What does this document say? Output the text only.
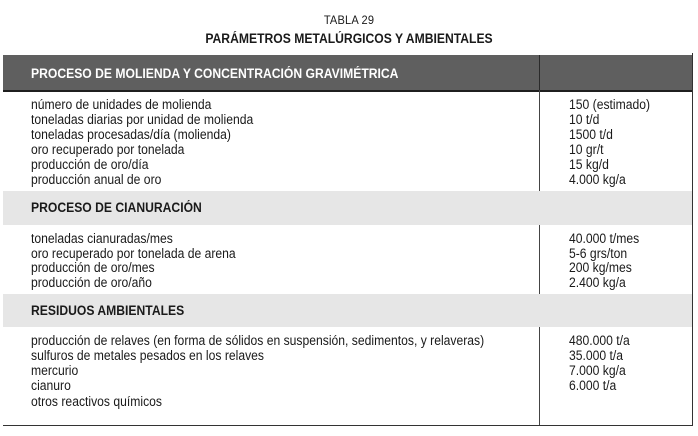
TABLA 29
PARÁMETROS METALÚRGICOS Y AMBIENTALES
PROCESO DE MOLIENDA Y CONCENTRACIÓN GRAVIMÉTRICA
número de unidades de molienda	150 (estimado)
toneladas diarias por unidad de molienda	10 t/d
toneladas procesadas/día (molienda)	1500 t/d
oro recuperado por tonelada	10 gr/t
producción de oro/día	15 kg/d
producción anual de oro	4.000 kg/a
PROCESO DE CIANURACIÓN
toneladas cianuradas/mes	40.000 t/mes
oro recuperado por tonelada de arena	5-6 grs/ton
producción de oro/mes	200 kg/mes
producción de oro/año	2.400 kg/a
RESIDUOS AMBIENTALES
producción de relaves (en forma de sólidos en suspensión, sedimentos, y relaveras)	480.000 t/a
sulfuros de metales pesados en los relaves	35.000 t/a
mercurio	7.000 kg/a
cianuro	6.000 t/a
otros reactivos químicos
